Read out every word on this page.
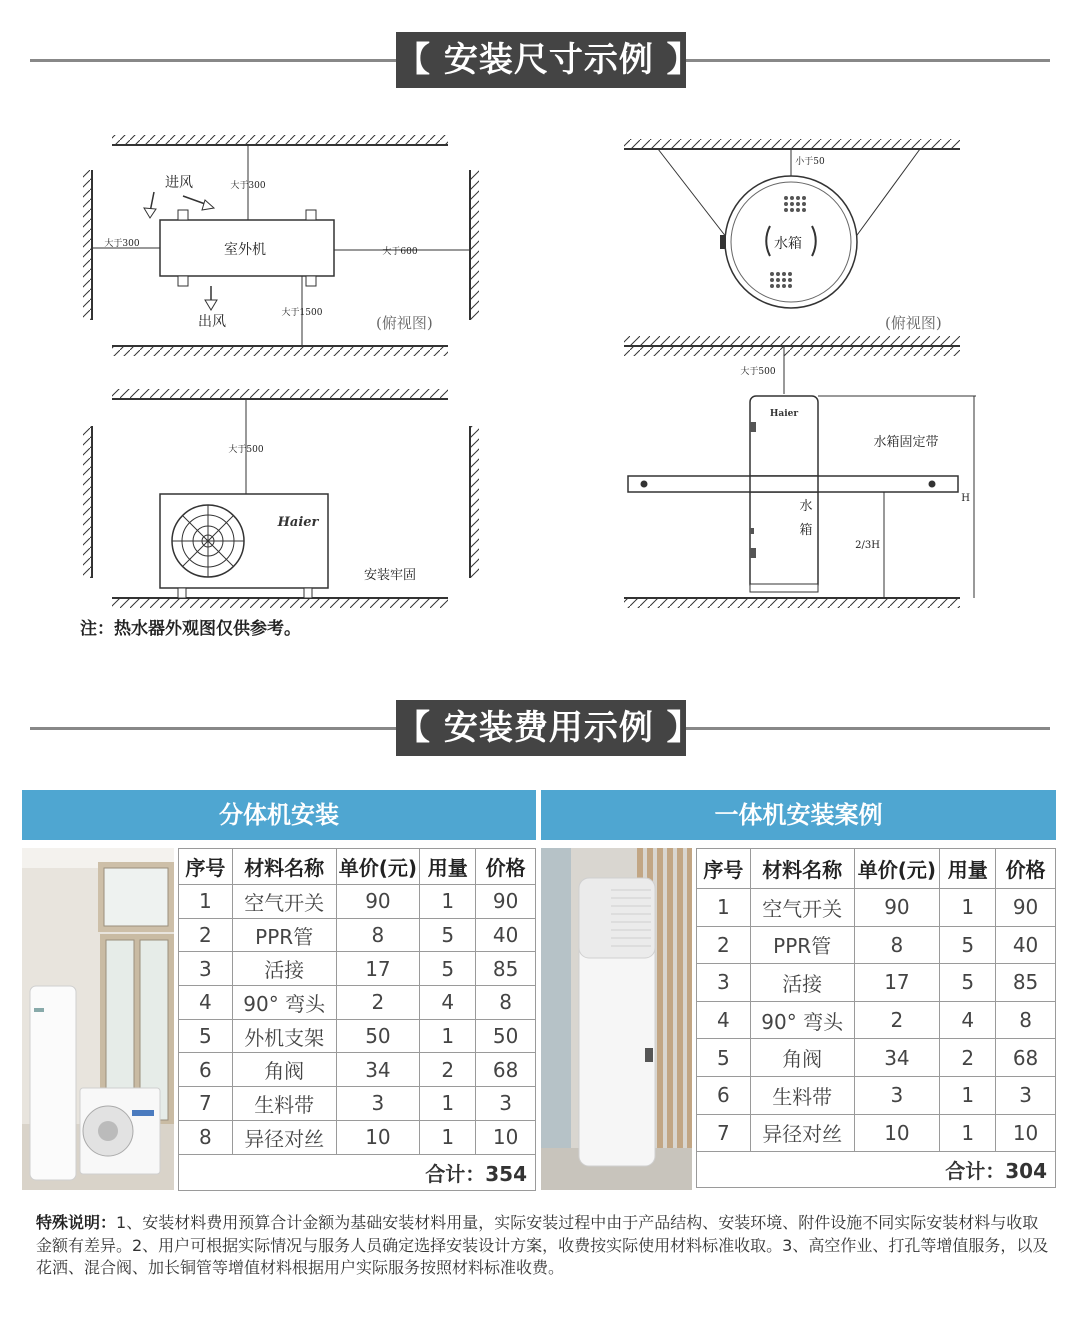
【 安装尺寸示例 】
室外机
大于300
大于300
大于600
大于1500
进风
出风	(俯视图)
小于50
水箱
(俯视图)
大于500
Haier
安装牢固
大于500
Haier
水箱固定带
水
箱
H
2/3H
注：热水器外观图仅供参考。
【 安装费用示例 】
分体机安装
序号	材料名称	单价(元)	用量	价格
1	空气开关	90	1	90
2	PPR管	8	5	40
3	活接	17	5	85
4	90° 弯头	2	4	8
5	外机支架	50	1	50
6	角阀	34	2	68
7	生料带	3	1	3
8	异径对丝	10	1	10
合计：354				
一体机安装案例
序号	材料名称	单价(元)	用量	价格
1	空气开关	90	1	90
2	PPR管	8	5	40
3	活接	17	5	85
4	90° 弯头	2	4	8
5	角阀	34	2	68
6	生料带	3	1	3
7	异径对丝	10	1	10
合计：304				
特殊说明：1、安装材料费用预算合计金额为基础安装材料用量，实际安装过程中由于产品结构、安装环境、附件设施不同实际安装材料与收取金额有差异。2、用户可根据实际情况与服务人员确定选择安装设计方案，收费按实际使用材料标准收取。3、高空作业、打孔等增值服务，以及花洒、混合阀、加长铜管等增值材料根据用户实际服务按照材料标准收费。
